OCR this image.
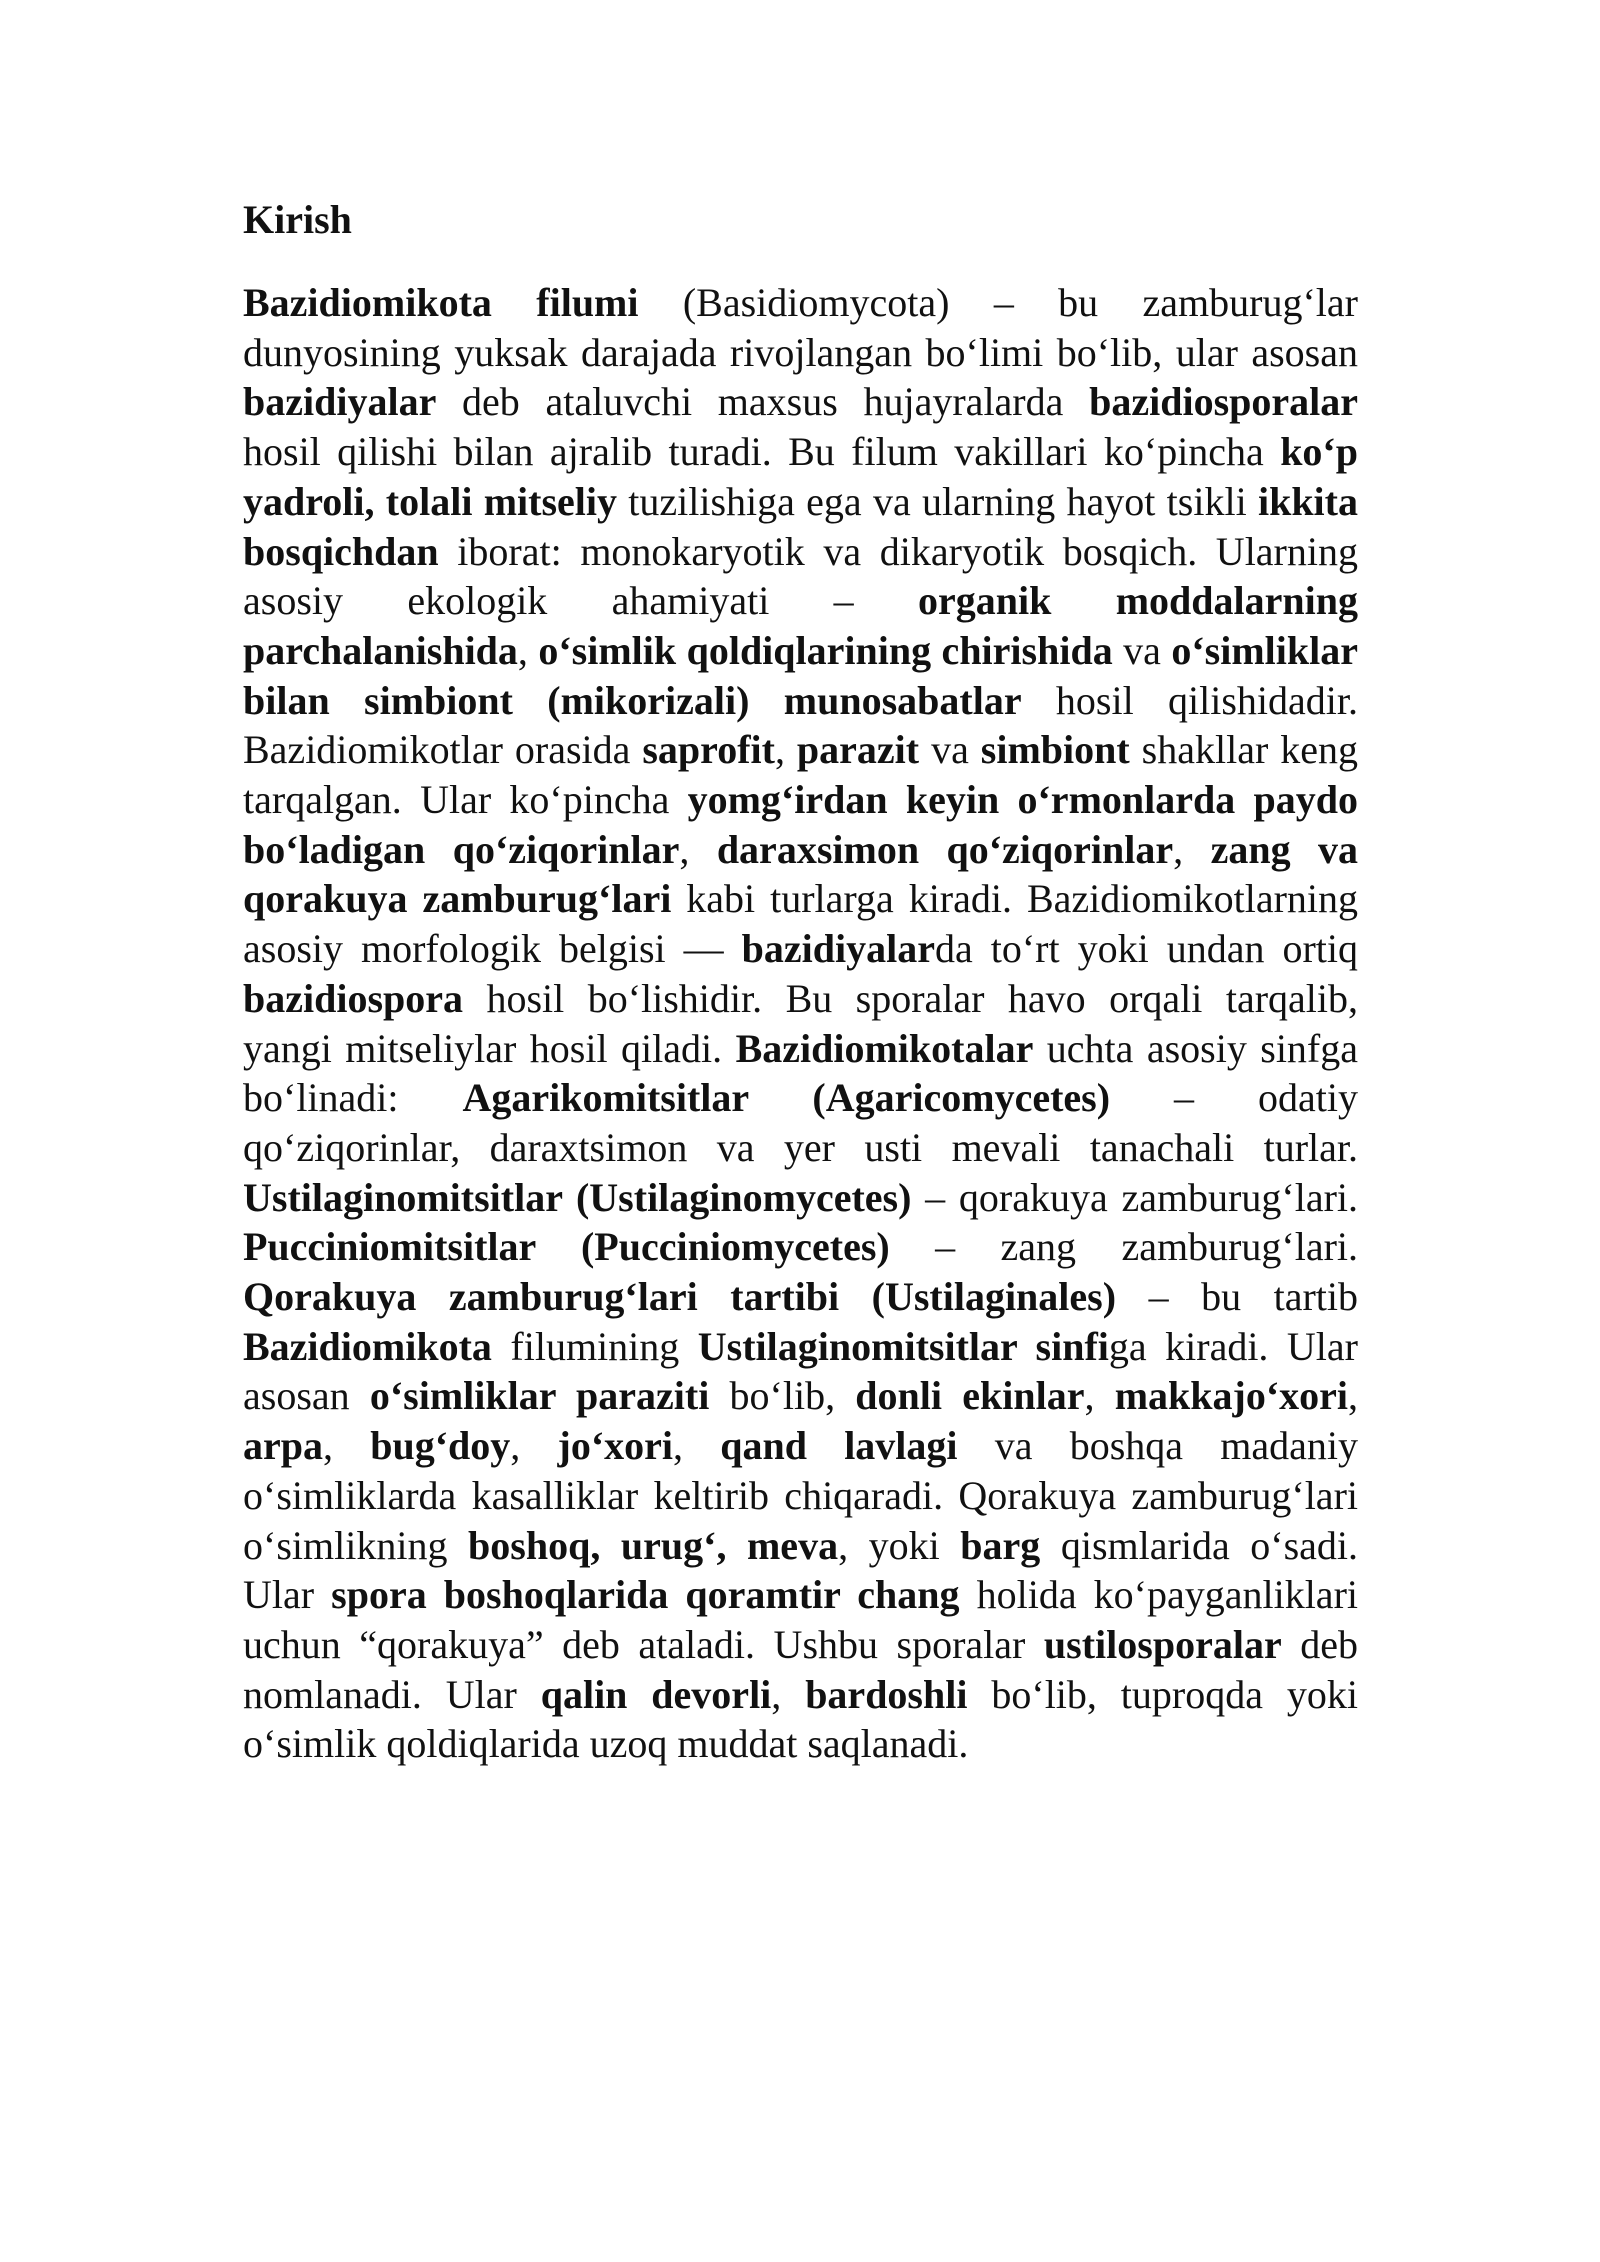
Kirish

Bazidiomikota filumi (Basidiomycota) – bu zamburug‘lar dunyosining yuksak darajada rivojlangan bo‘limi bo‘lib, ular asosan bazidiyalar deb ataluvchi maxsus hujayralarda bazidiosporalar hosil qilishi bilan ajralib turadi. Bu filum vakillari ko‘pincha ko‘p yadroli, tolali mitseliy tuzilishiga ega va ularning hayot tsikli ikkita bosqichdan iborat: monokaryotik va dikaryotik bosqich. Ularning asosiy ekologik ahamiyati – organik moddalarning parchalanishida, o‘simlik qoldiqlarining chirishida va o‘simliklar bilan simbiont (mikorizali) munosabatlar hosil qilishidadir. Bazidiomikotlar orasida saprofit, parazit va simbiont shakllar keng tarqalgan. Ular ko‘pincha yomg‘irdan keyin o‘rmonlarda paydo bo‘ladigan qo‘ziqorinlar, daraxsimon qo‘ziqorinlar, zang va qorakuya zamburug‘lari kabi turlarga kiradi. Bazidiomikotlarning asosiy morfologik belgisi — bazidiyalarda to‘rt yoki undan ortiq bazidiospora hosil bo‘lishidir. Bu sporalar havo orqali tarqalib, yangi mitseliylar hosil qiladi. Bazidiomikotalar uchta asosiy sinfga bo‘linadi: Agarikomitsitlar (Agaricomycetes) – odatiy qo‘ziqorinlar, daraxtsimon va yer usti mevali tanachali turlar. Ustilaginomitsitlar (Ustilaginomycetes) – qorakuya zamburug‘lari. Pucciniomitsitlar (Pucciniomycetes) – zang zamburug‘lari. Qorakuya zamburug‘lari tartibi (Ustilaginales) – bu tartib Bazidiomikota filumining Ustilaginomitsitlar sinfiga kiradi. Ular asosan o‘simliklar paraziti bo‘lib, donli ekinlar, makkajo‘xori, arpa, bug‘doy, jo‘xori, qand lavlagi va boshqa madaniy o‘simliklarda kasalliklar keltirib chiqaradi. Qorakuya zamburug‘lari o‘simlikning boshoq, urug‘, meva, yoki barg qismlarida o‘sadi. Ular spora boshoqlarida qoramtir chang holida ko‘payganliklari uchun “qorakuya” deb ataladi. Ushbu sporalar ustilosporalar deb nomlanadi. Ular qalin devorli, bardoshli bo‘lib, tuproqda yoki o‘simlik qoldiqlarida uzoq muddat saqlanadi.
